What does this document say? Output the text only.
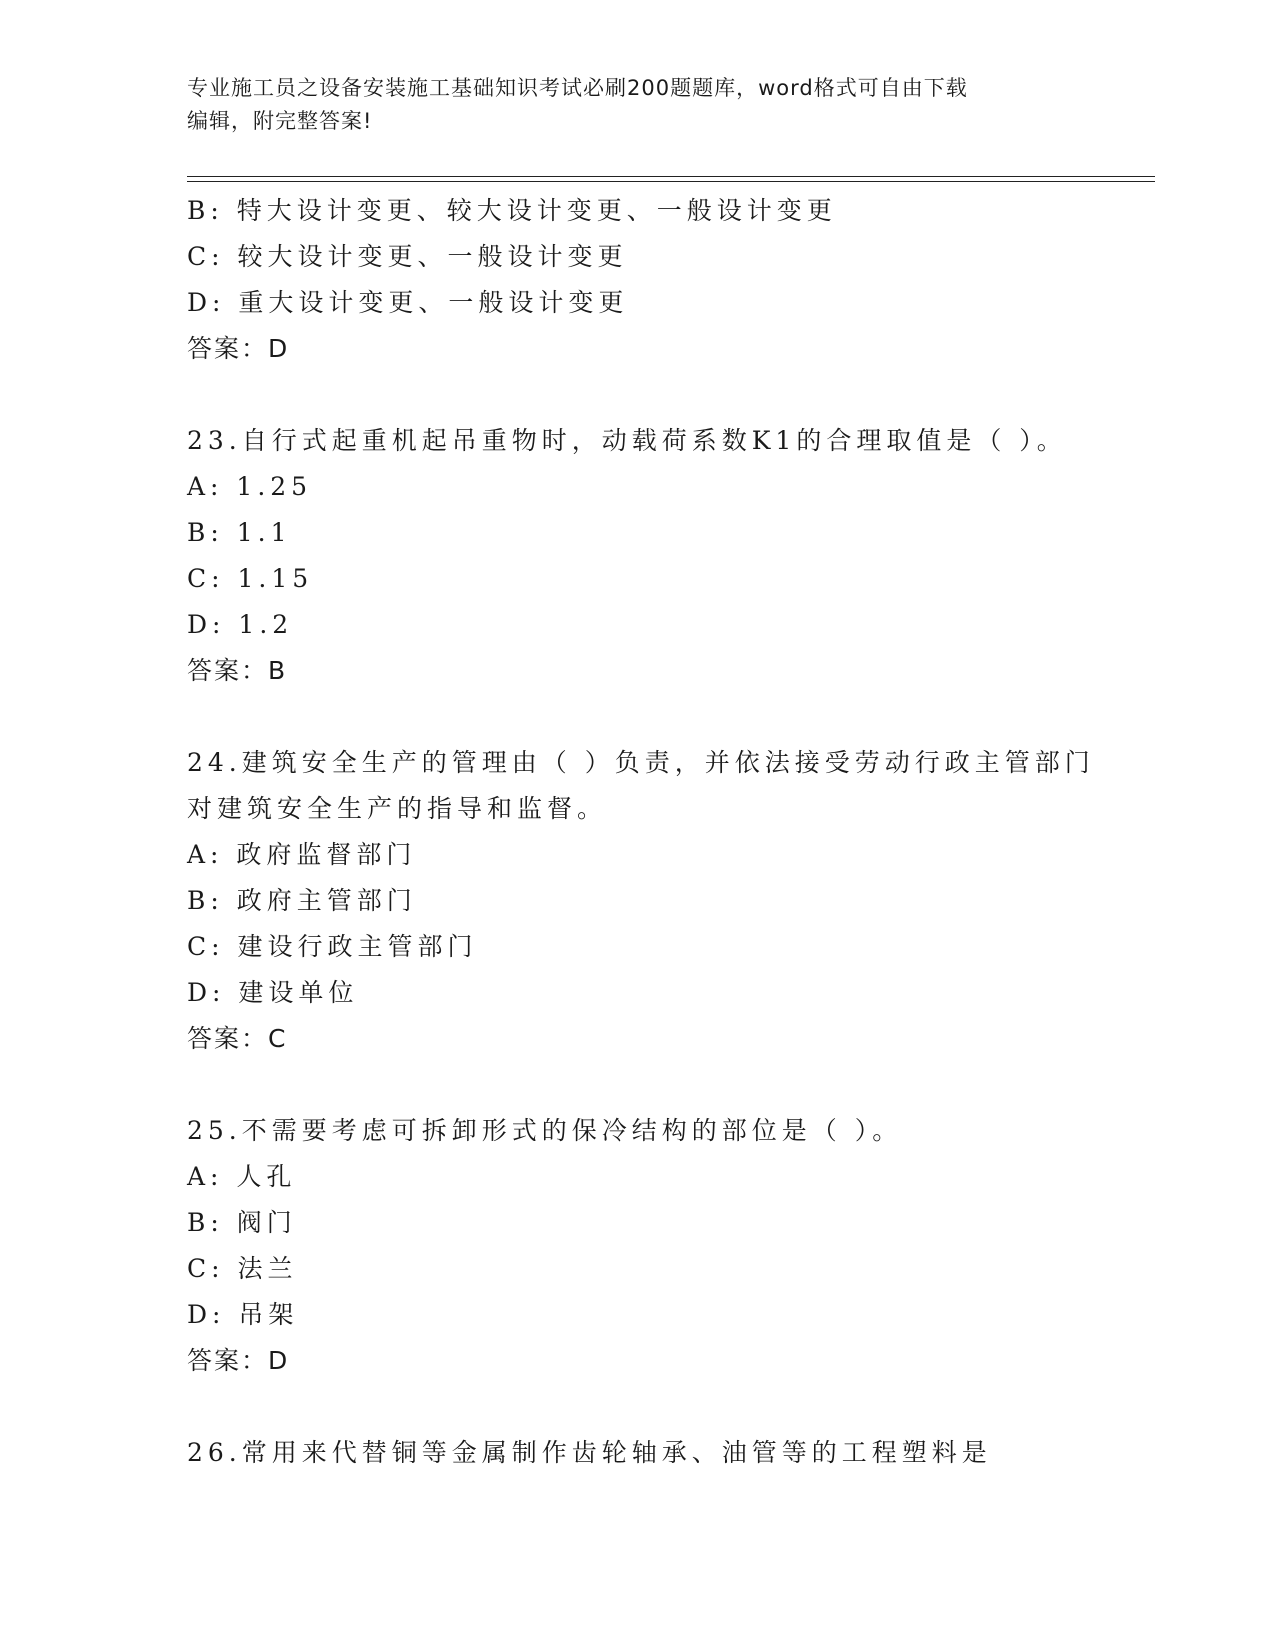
专业施工员之设备安装施工基础知识考试必刷200题题库，word格式可自由下载
编辑，附完整答案!
B: 特大设计变更、较大设计变更、一般设计变更
C: 较大设计变更、一般设计变更
D: 重大设计变更、一般设计变更
答案：D
23.自行式起重机起吊重物时，动载荷系数K1的合理取值是（ ）。
A: 1.25
B: 1.1
C: 1.15
D: 1.2
答案：B
24.建筑安全生产的管理由（ ）负责，并依法接受劳动行政主管部门
对建筑安全生产的指导和监督。
A: 政府监督部门
B: 政府主管部门
C: 建设行政主管部门
D: 建设单位
答案：C
25.不需要考虑可拆卸形式的保冷结构的部位是（ ）。
A: 人孔
B: 阀门
C: 法兰
D: 吊架
答案：D
26.常用来代替铜等金属制作齿轮轴承、油管等的工程塑料是
